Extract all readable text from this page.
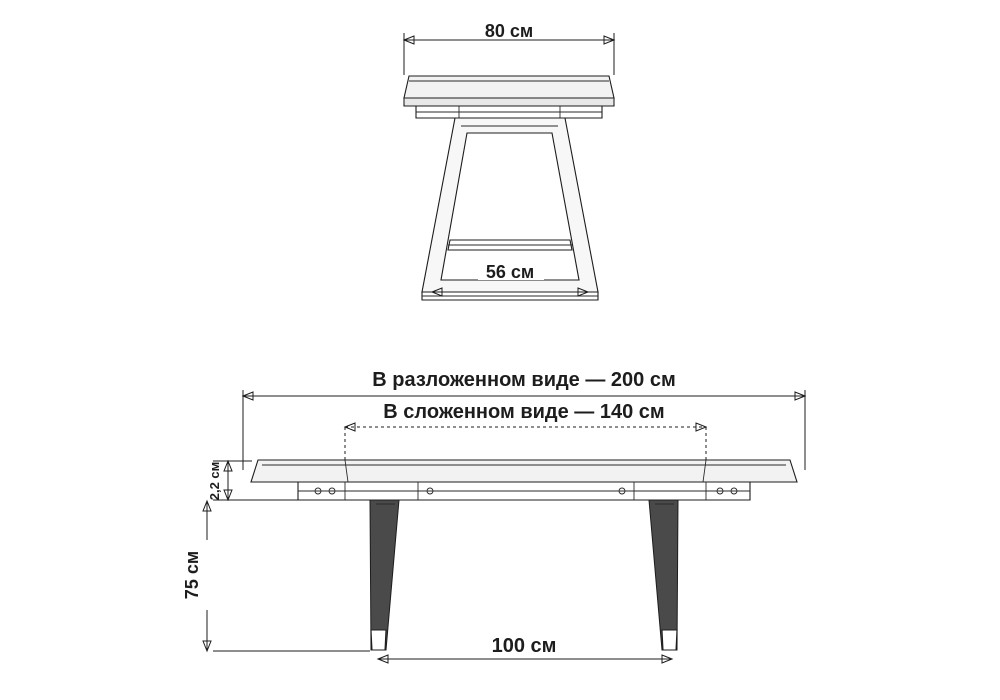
80 см
56 см
В разложенном виде — 200 см
В сложенном виде — 140 см
2,2 см
75 см
100 см
